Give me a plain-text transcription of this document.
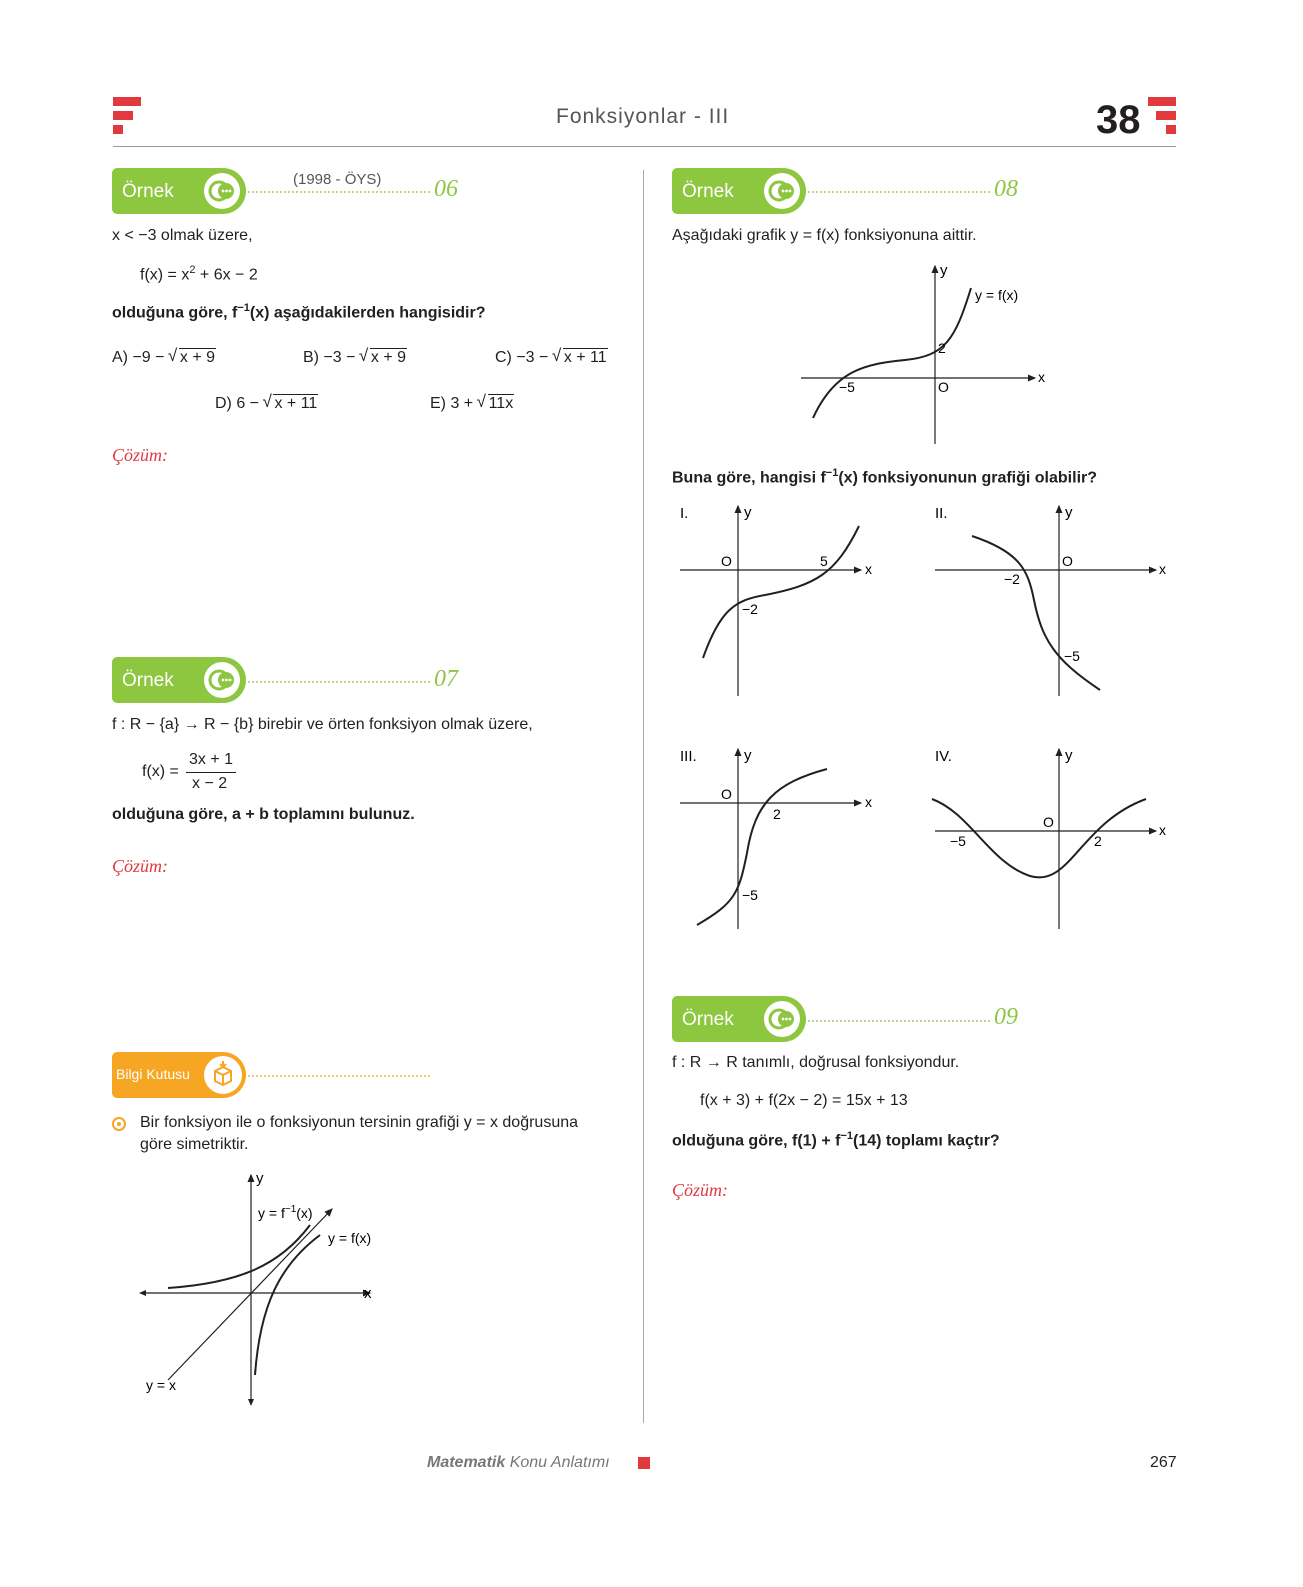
Fonksiyonlar - III	38
Örnek
(1998 - ÖYS) 06
x < −3 olmak üzere,
$f(x) = x^2 + 6x - 2$
olduğuna göre, $f^{-1}(x)$ aşağıdakilerden hangisidir?
A) −9 − √ x + 9	B) −3 − √ x + 9	C) −3 − √ x + 11
D) 6 − √ x + 11	E) 3 + √ 11x
Çözüm:
Örnek	07
f : R − {a} → R − {b} birebir ve örten fonksiyon olmak üzere,
f(x) =
3x + 1
x − 2
olduğuna göre, a + b toplamını bulunuz.
Çözüm:
Bilgi Kutusu
Bir fonksiyon ile o fonksiyonun tersinin grafiği y = x doğrusuna
göre simetriktir.
y
x
$y = f^{-1}(x)$
y = f(x)
y = x
Örnek	08
Aşağıdaki grafik y = f(x) fonksiyonuna aittir.
y
x
y = f(x)
2
−5	O
Buna göre, hangisi $f^{-1}(x)$ fonksiyonunun grafiği olabilir?
I.	y
x
O	5
−2
II.	y
x
O
−2
−5
III.	y
x
O
2
−5
IV.	y
x
O
−5	2
Örnek	09
f : R → R tanımlı, doğrusal fonksiyondur.
f(x + 3) + f(2x − 2) = 15x + 13
olduğuna göre, $f(1) + f^{-1}(14)$ toplamı kaçtır?
Çözüm:
Matematik Konu Anlatımı	267
